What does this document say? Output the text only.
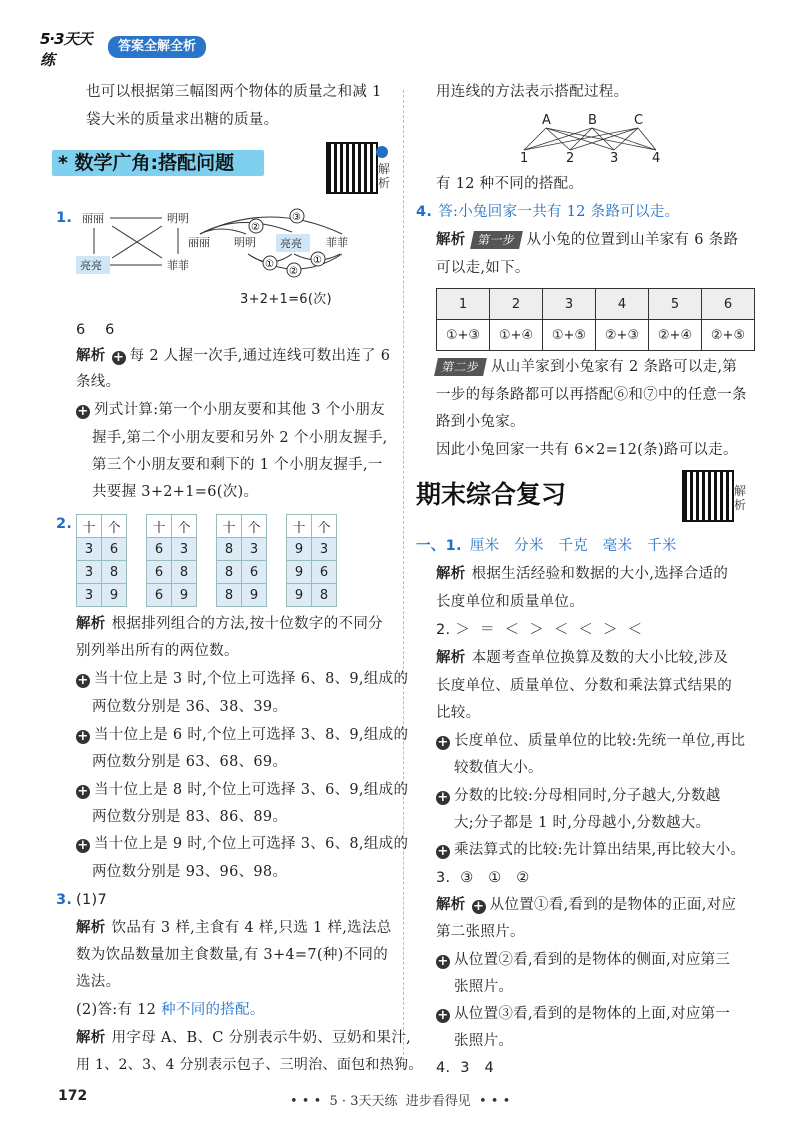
5·3天天练
答案全解全析
也可以根据第三幅图两个物体的质量之和减 1
袋大米的质量求出糖的质量。
* 数学广角:搭配问题	解析
1. 丽丽	明明
亮亮	菲菲
丽丽 明明 亮亮 菲菲
③
②
①
②
①
3+2+1=6(次)
6    6
解析 + 每 2 人握一次手,通过连线可数出连了 6
条线。
+ 列式计算:第一个小朋友要和其他 3 个小朋友
握手,第二个小朋友要和另外 2 个小朋友握手,
第三个小朋友要和剩下的 1 个小朋友握手,一
共要握 3+2+1=6(次)。
2. 十	个
3	6
3	8
3	9
十	个
6	3
6	8
6	9
十	个
8	3
8	6
8	9
十	个
9	3
9	6
9	8
解析 根据排列组合的方法,按十位数字的不同分
别列举出所有的两位数。
+ 当十位上是 3 时,个位上可选择 6、8、9,组成的
两位数分别是 36、38、39。
+ 当十位上是 6 时,个位上可选择 3、8、9,组成的
两位数分别是 63、68、69。
+ 当十位上是 8 时,个位上可选择 3、6、9,组成的
两位数分别是 83、86、89。
+ 当十位上是 9 时,个位上可选择 3、6、8,组成的
两位数分别是 93、96、98。
3. (1)7
解析 饮品有 3 样,主食有 4 样,只选 1 样,选法总
数为饮品数量加主食数量,有 3+4=7(种)不同的
选法。
(2)答:有 12 种不同的搭配。
解析 用字母 A、B、C 分别表示牛奶、豆奶和果汁,
用 1、2、3、4 分别表示包子、三明治、面包和热狗。
用连线的方法表示搭配过程。
A	B	C
1	2	3	4
有 12 种不同的搭配。
4. 答:小兔回家一共有 12 条路可以走。
解析 第一步 从小兔的位置到山羊家有 6 条路
可以走,如下。
1	2	3	4	5	6
①+③	①+④	①+⑤	②+③	②+④	②+⑤
第二步 从山羊家到小兔家有 2 条路可以走,第
一步的每条路都可以再搭配⑥和⑦中的任意一条
路到小兔家。
因此小兔回家一共有 6×2=12(条)路可以走。
期末综合复习	解析
一、1. 厘米   分米   千克   毫米   千米
解析 根据生活经验和数据的大小,选择合适的
长度单位和质量单位。
2. ＞  ＝  ＜  ＞  ＜  ＜  ＞  ＜
解析 本题考查单位换算及数的大小比较,涉及
长度单位、质量单位、分数和乘法算式结果的
比较。
+ 长度单位、质量单位的比较:先统一单位,再比
较数值大小。
+ 分数的比较:分母相同时,分子越大,分数越
大;分子都是 1 时,分母越小,分数越大。
+ 乘法算式的比较:先计算出结果,再比较大小。
3.  ③   ①   ②
解析 + 从位置①看,看到的是物体的正面,对应
第二张照片。
+ 从位置②看,看到的是物体的侧面,对应第三
张照片。
+ 从位置③看,看到的是物体的上面,对应第一
张照片。
4.  3   4
172	• • •  5 · 3天天练  进步看得见  • • •
